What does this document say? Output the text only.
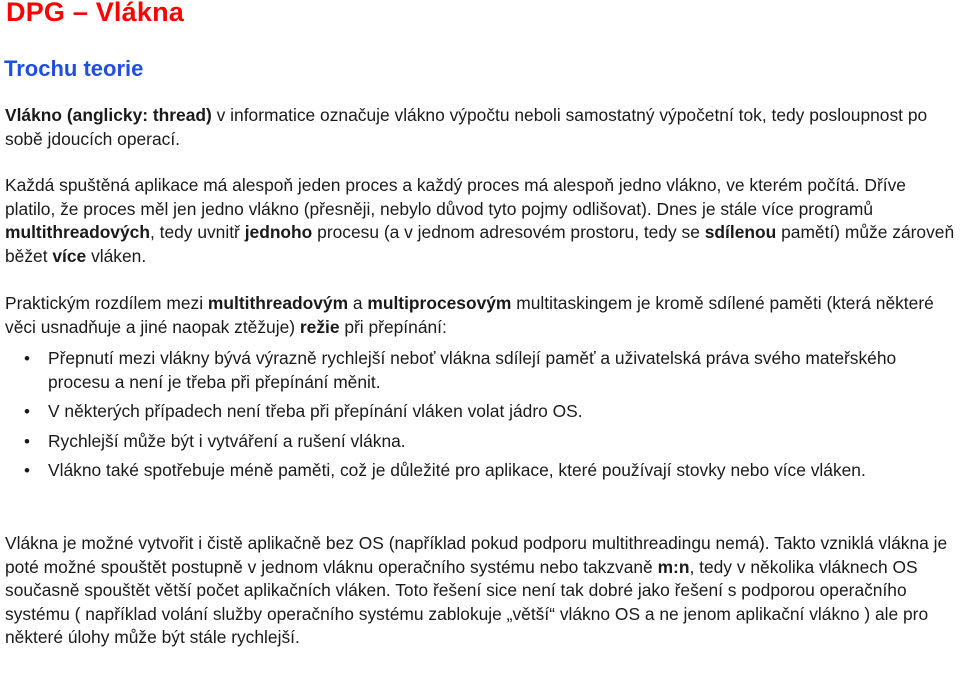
DPG – Vlákna
Trochu teorie
Vlákno (anglicky: thread) v informatice označuje vlákno výpočtu neboli samostatný výpočetní tok, tedy posloupnost po sobě jdoucích operací.
Každá spuštěná aplikace má alespoň jeden proces a každý proces má alespoň jedno vlákno, ve kterém počítá. Dříve platilo, že proces měl jen jedno vlákno (přesněji, nebylo důvod tyto pojmy odlišovat). Dnes je stále více programů multithreadových, tedy uvnitř jednoho procesu (a v jednom adresovém prostoru, tedy se sdílenou pamětí) může zároveň běžet více vláken.
Praktickým rozdílem mezi multithreadovým a multiprocesovým multitaskingem je kromě sdílené paměti (která některé věci usnadňuje a jiné naopak ztěžuje) režie při přepínání:
• Přepnutí mezi vlákny bývá výrazně rychlejší neboť vlákna sdílejí paměť a uživatelská práva svého mateřského procesu a není je třeba při přepínání měnit.
• V některých případech není třeba při přepínání vláken volat jádro OS.
• Rychlejší může být i vytváření a rušení vlákna.
• Vlákno také spotřebuje méně paměti, což je důležité pro aplikace, které používají stovky nebo více vláken.
Vlákna je možné vytvořit i čistě aplikačně bez OS (například pokud podporu multithreadingu nemá). Takto vzniklá vlákna je poté možné spouštět postupně v jednom vláknu operačního systému nebo takzvaně m:n, tedy v několika vláknech OS současně spouštět větší počet aplikačních vláken. Toto řešení sice není tak dobré jako řešení s podporou operačního systému ( například volání služby operačního systému zablokuje „větší“ vlákno OS a ne jenom aplikační vlákno ) ale pro některé úlohy může být stále rychlejší.
